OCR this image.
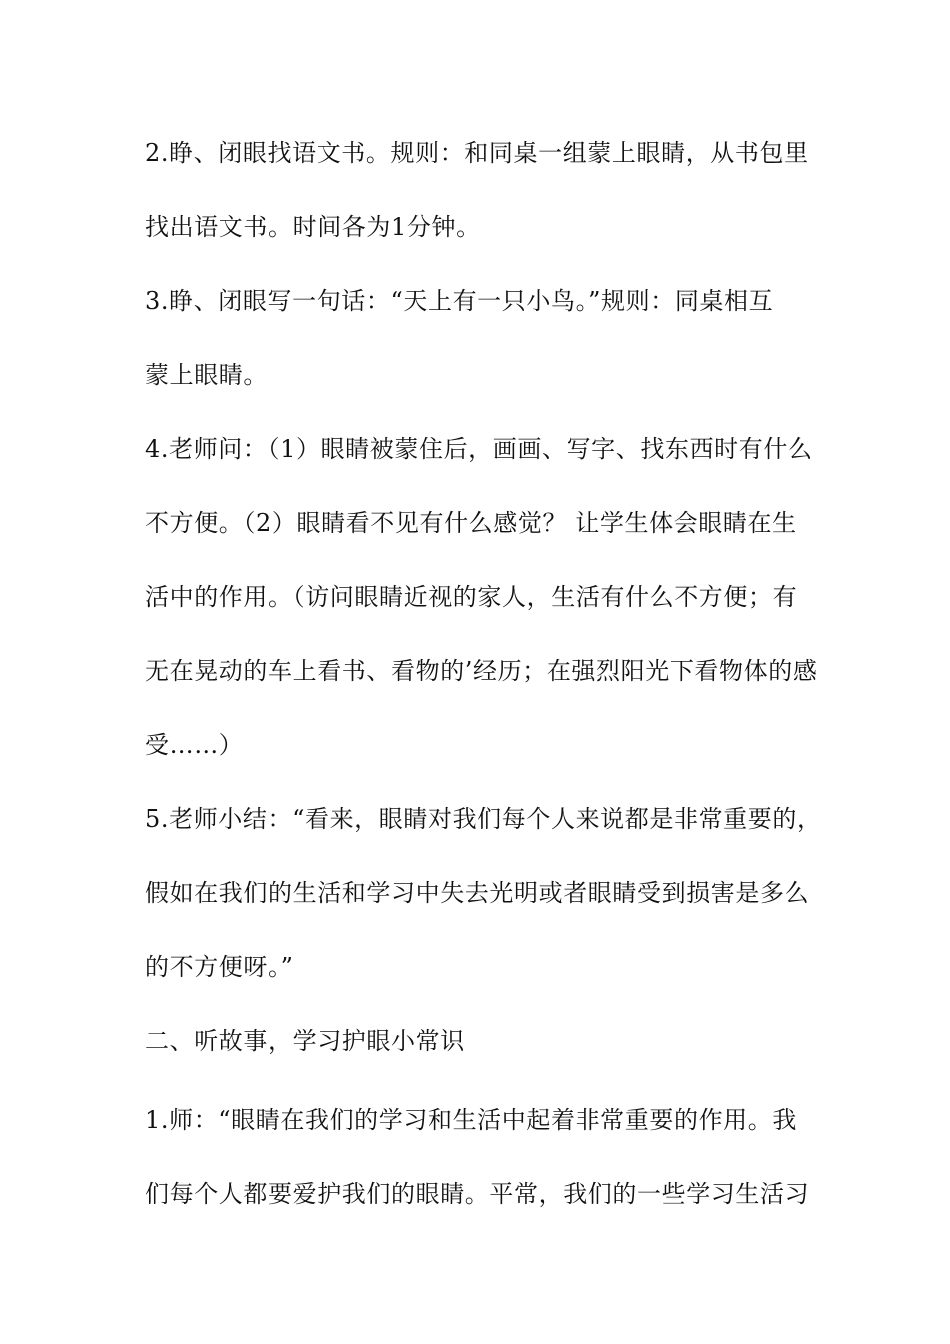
2.睁、闭眼找语文书。规则：和同桌一组蒙上眼睛，从书包里
找出语文书。时间各为1分钟。
3.睁、闭眼写一句话：“天上有一只小鸟。”规则：同桌相互
蒙上眼睛。
4.老师问：（1）眼睛被蒙住后，画画、写字、找东西时有什么
不方便。（2）眼睛看不见有什么感觉？ 让学生体会眼睛在生
活中的作用。（访问眼睛近视的家人，生活有什么不方便；有
无在晃动的车上看书、看物的’经历；在强烈阳光下看物体的感
受……）
5.老师小结：“看来，眼睛对我们每个人来说都是非常重要的，
假如在我们的生活和学习中失去光明或者眼睛受到损害是多么
的不方便呀。”
二、听故事，学习护眼小常识
1.师：“眼睛在我们的学习和生活中起着非常重要的作用。我
们每个人都要爱护我们的眼睛。平常，我们的一些学习生活习
